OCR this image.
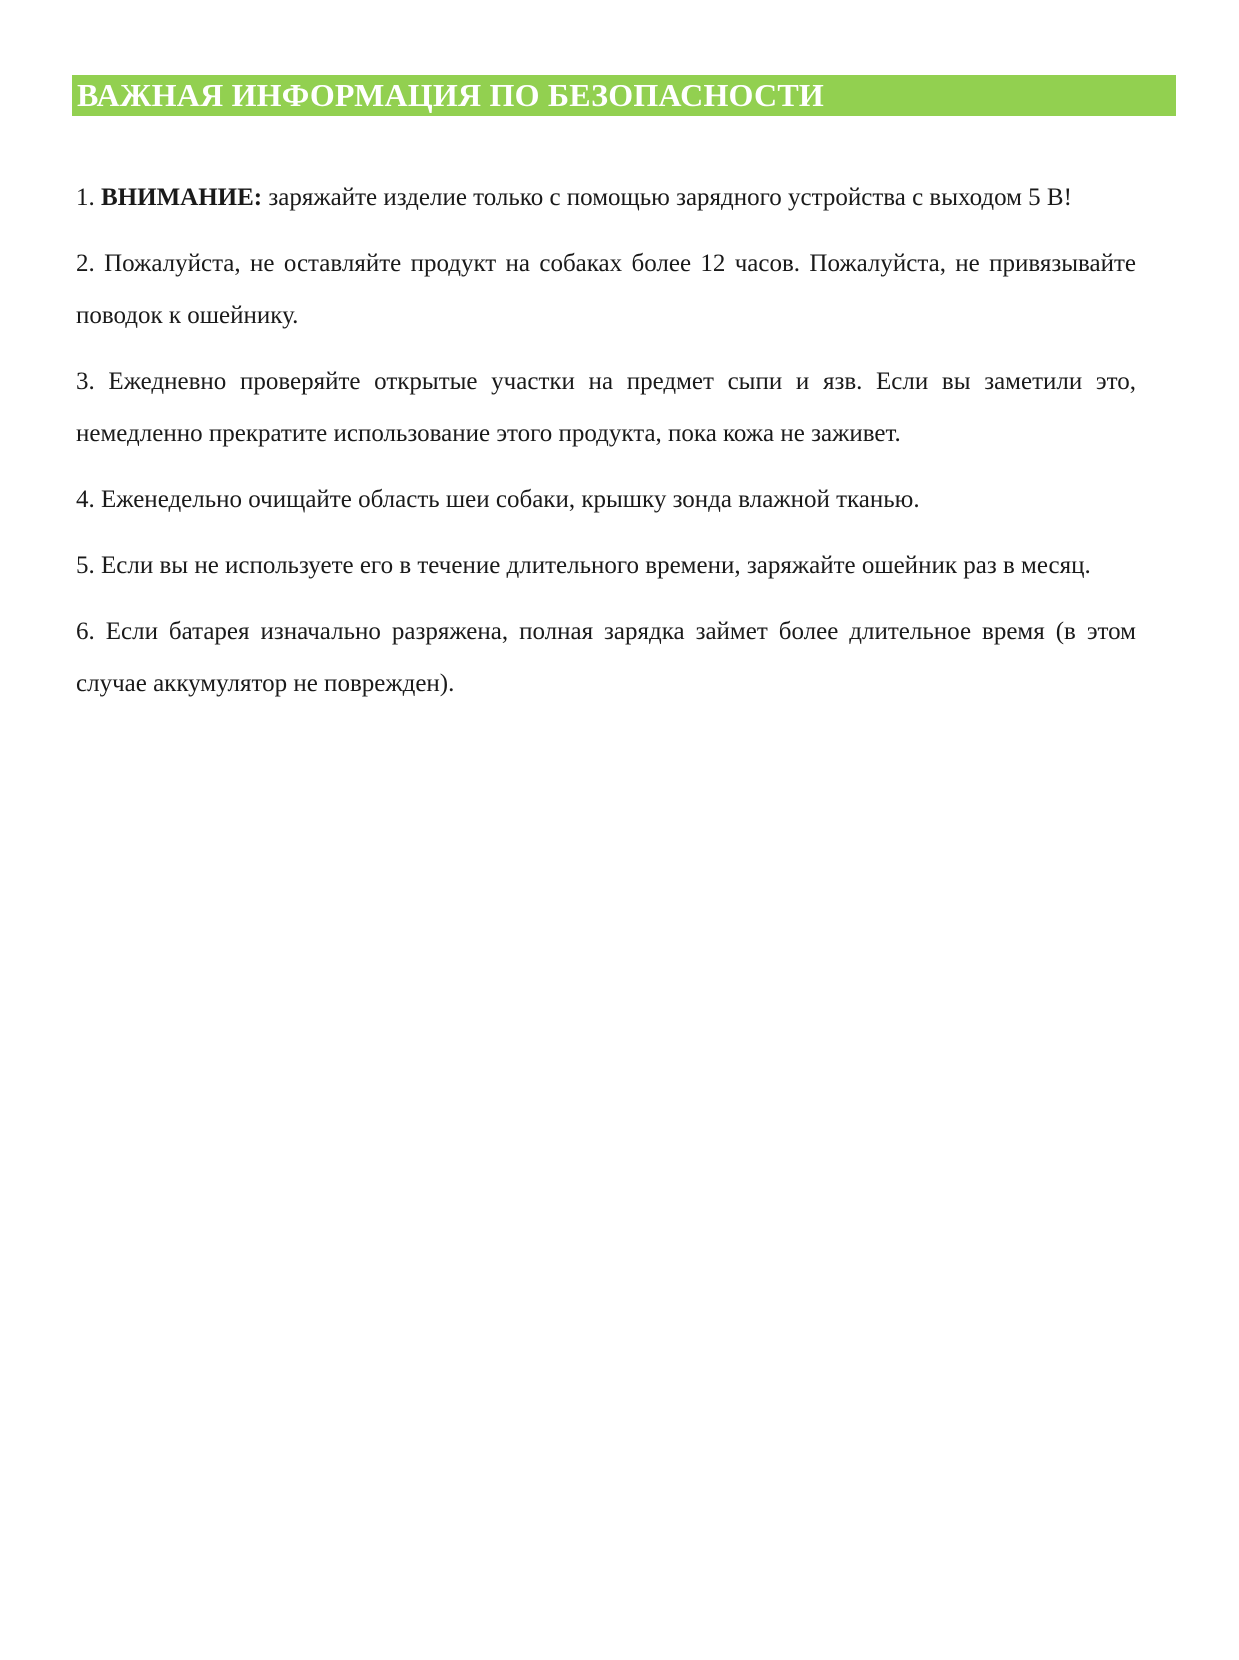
ВАЖНАЯ ИНФОРМАЦИЯ ПО БЕЗОПАСНОСТИ

1. ВНИМАНИЕ: заряжайте изделие только с помощью зарядного устройства с выходом 5 В!

2. Пожалуйста, не оставляйте продукт на собаках более 12 часов. Пожалуйста, не привязывайте поводок к ошейнику.

3. Ежедневно проверяйте открытые участки на предмет сыпи и язв. Если вы заметили это, немедленно прекратите использование этого продукта, пока кожа не заживет.

4. Еженедельно очищайте область шеи собаки, крышку зонда влажной тканью.

5. Если вы не используете его в течение длительного времени, заряжайте ошейник раз в месяц.

6. Если батарея изначально разряжена, полная зарядка займет более длительное время (в этом случае аккумулятор не поврежден).
